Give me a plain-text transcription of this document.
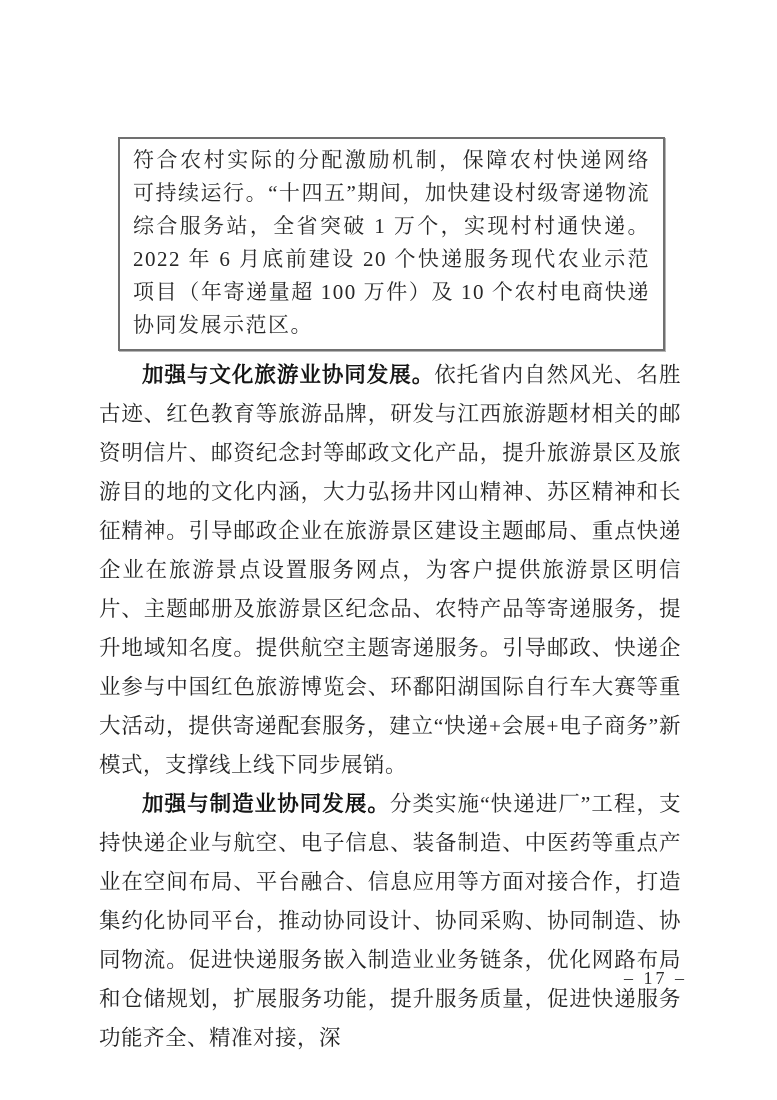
符合农村实际的分配激励机制，保障农村快递网络可持续运行。“十四五”期间，加快建设村级寄递物流综合服务站，全省突破 1 万个，实现村村通快递。2022 年 6 月底前建设 20 个快递服务现代农业示范项目（年寄递量超 100 万件）及 10 个农村电商快递协同发展示范区。

加强与文化旅游业协同发展。依托省内自然风光、名胜古迹、红色教育等旅游品牌，研发与江西旅游题材相关的邮资明信片、邮资纪念封等邮政文化产品，提升旅游景区及旅游目的地的文化内涵，大力弘扬井冈山精神、苏区精神和长征精神。引导邮政企业在旅游景区建设主题邮局、重点快递企业在旅游景点设置服务网点，为客户提供旅游景区明信片、主题邮册及旅游景区纪念品、农特产品等寄递服务，提升地域知名度。提供航空主题寄递服务。引导邮政、快递企业参与中国红色旅游博览会、环鄱阳湖国际自行车大赛等重大活动，提供寄递配套服务，建立“快递+会展+电子商务”新模式，支撑线上线下同步展销。

加强与制造业协同发展。分类实施“快递进厂”工程，支持快递企业与航空、电子信息、装备制造、中医药等重点产业在空间布局、平台融合、信息应用等方面对接合作，打造集约化协同平台，推动协同设计、协同采购、协同制造、协同物流。促进快递服务嵌入制造业业务链条，优化网路布局和仓储规划，扩展服务功能，提升服务质量，促进快递服务功能齐全、精准对接，深

– 17 –
